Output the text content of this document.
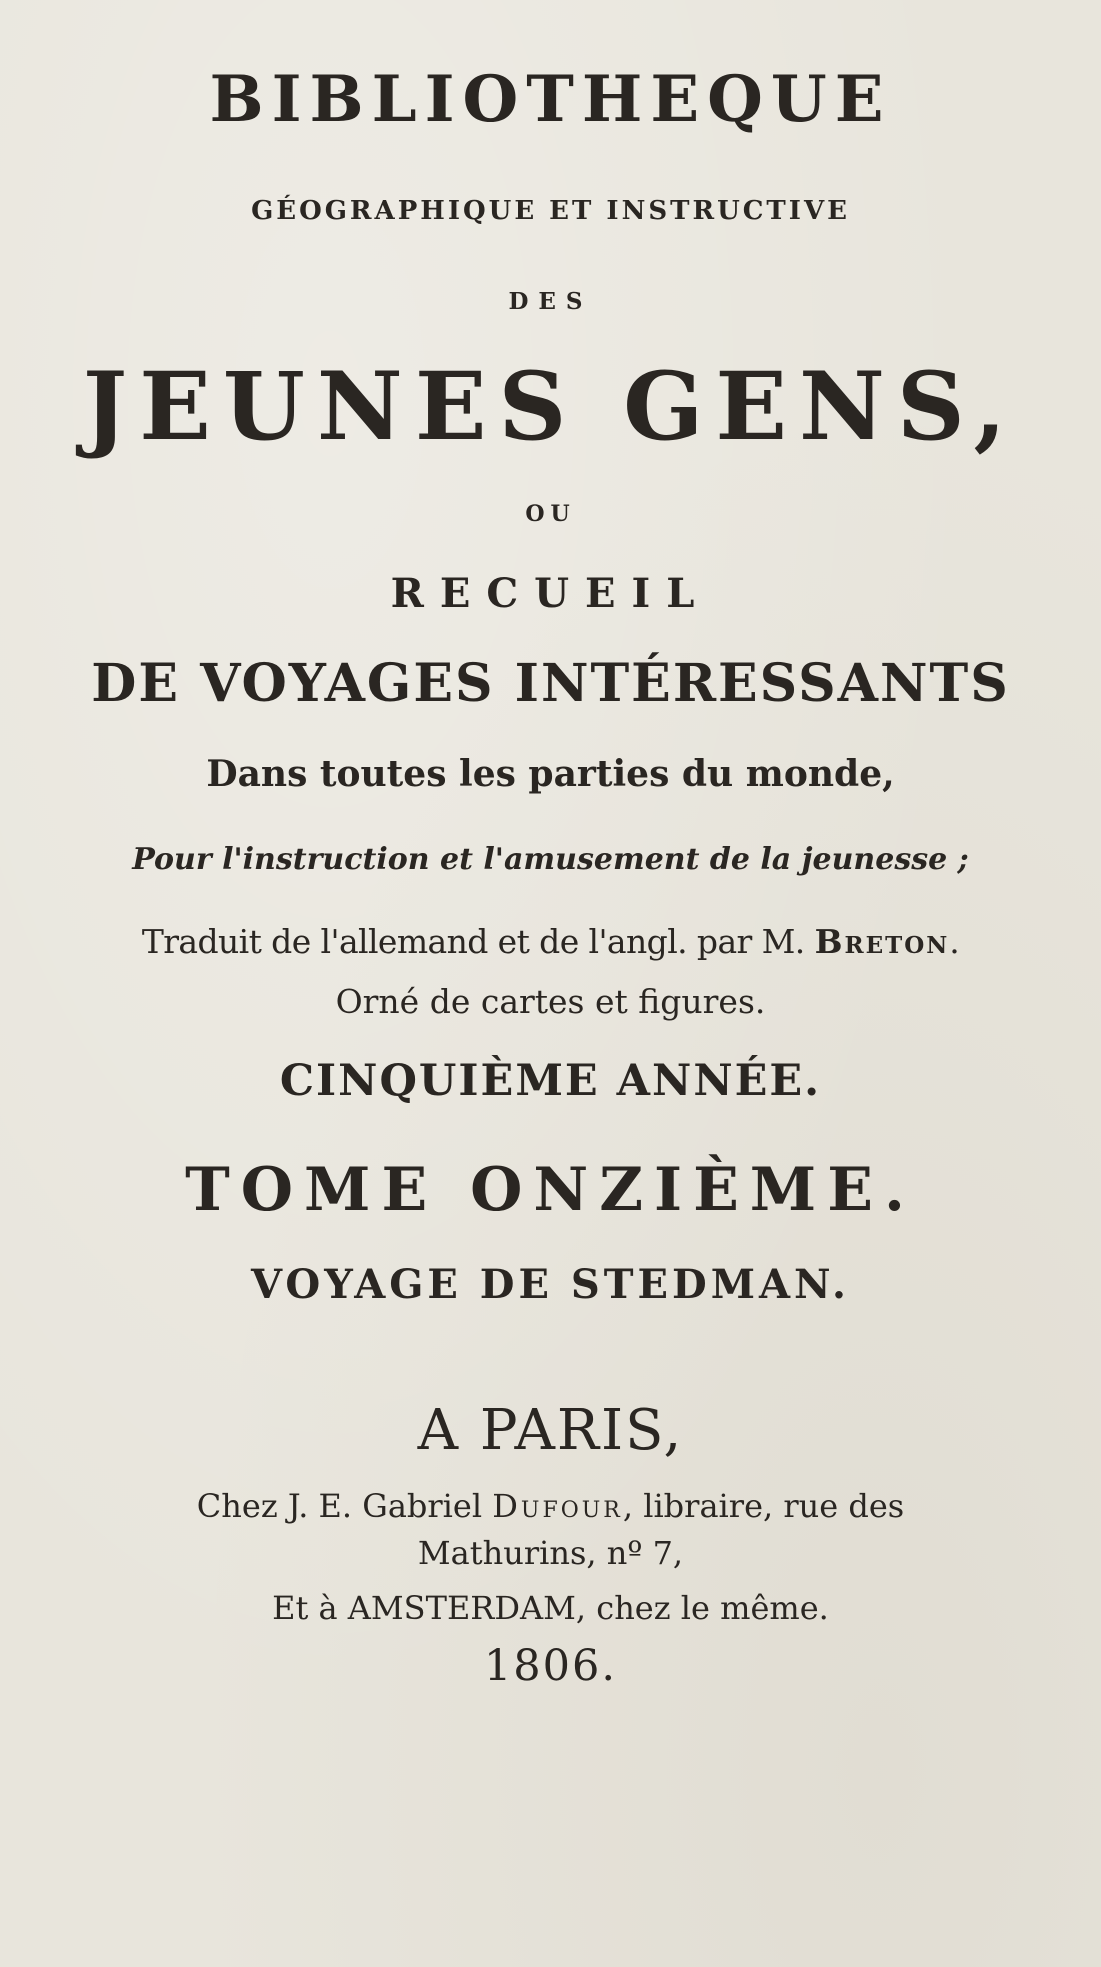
BIBLIOTHEQUE
GÉOGRAPHIQUE ET INSTRUCTIVE
DES
JEUNES GENS,
OU
RECUEIL
DE VOYAGES INTÉRESSANTS
Dans toutes les parties du monde,
Pour l'instruction et l'amusement de la jeunesse ;
Traduit de l'allemand et de l'angl. par M. Breton.
Orné de cartes et figures.
CINQUIÈME ANNÉE.
TOME ONZIÈME.
VOYAGE DE STEDMAN.
A PARIS,
Chez J. E. Gabriel Dufour, libraire, rue des
Mathurins, nº 7,
Et à AMSTERDAM, chez le même.
1806.
